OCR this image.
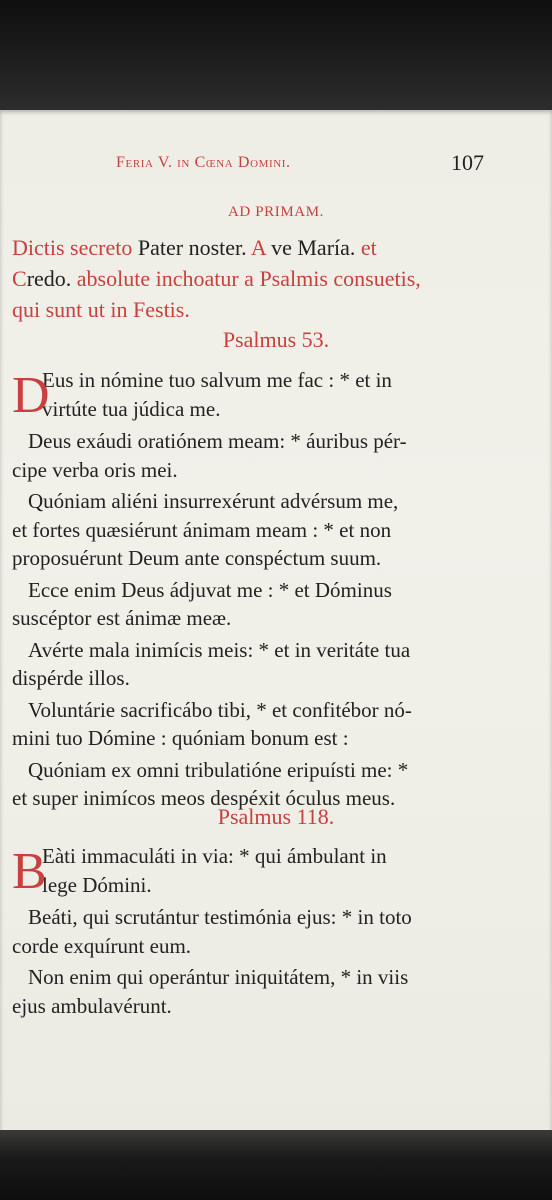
Feria V. in Cœna Domini.	107
AD PRIMAM.
Dictis secreto Pater noster. A ve María. et
Credo. absolute inchoatur a Psalmis consuetis,
qui sunt ut in Festis.
Psalmus 53.
D
Eus in nómine tuo salvum me fac : * et in
virtúte tua júdica me.
Deus exáudi oratiónem meam: * áuribus pér-
cipe verba oris mei.
Quóniam aliéni insurrexérunt advérsum me,
et fortes quæsiérunt ánimam meam : * et non
proposuérunt Deum ante conspéctum suum.
Ecce enim Deus ádjuvat me : * et Dóminus
suscéptor est ánimæ meæ.
Avérte mala inimícis meis: * et in veritáte tua
dispérde illos.
Voluntárie sacrificábo tibi, * et confitébor nó-
mini tuo Dómine : quóniam bonum est :
Quóniam ex omni tribulatióne eripuísti me: *
et super inimícos meos despéxit óculus meus.
Psalmus 118.
B
Eàti immaculáti in via: * qui ámbulant in
lege Dómini.
Beáti, qui scrutántur testimónia ejus: * in toto
corde exquírunt eum.
Non enim qui operántur iniquitátem, * in viis
ejus ambulavérunt.
